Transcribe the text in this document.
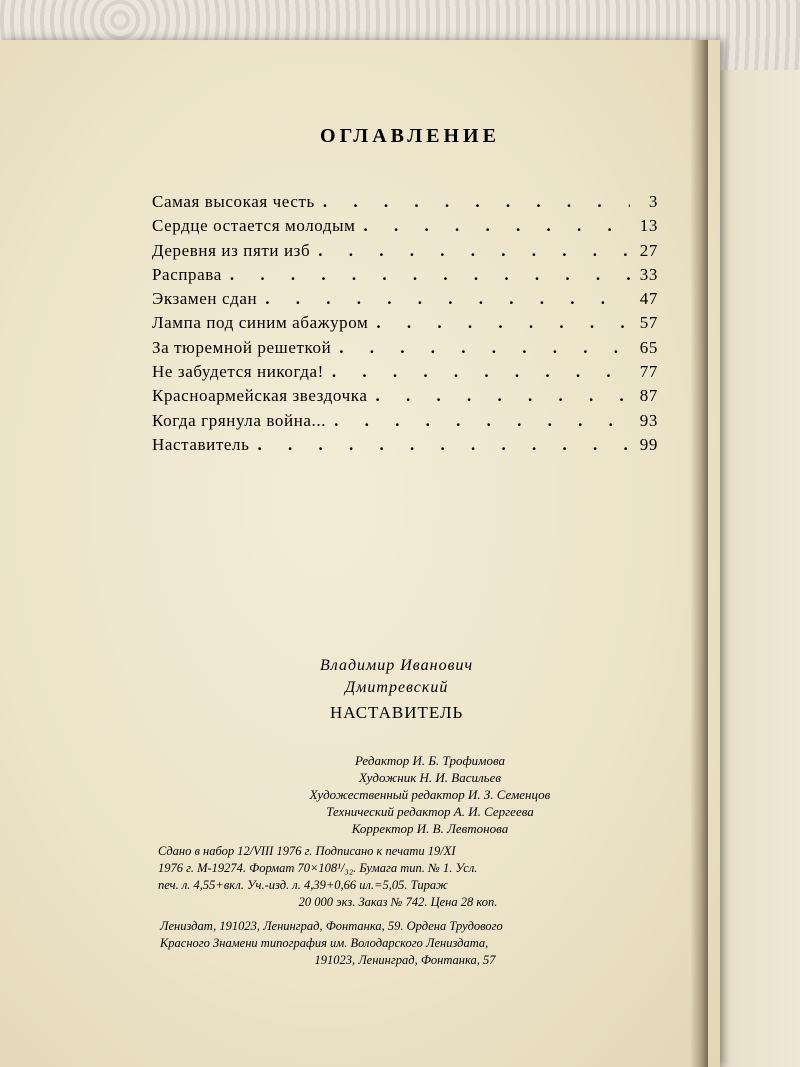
ОГЛАВЛЕНИЕ
Самая высокая честь . . .	3
Сердце остается молодым . . .	13
Деревня из пяти изб . . .	27
Расправа . . .	33
Экзамен сдан . . .	47
Лампа под синим абажуром . . .	57
За тюремной решеткой . . .	65
Не забудется никогда! . . .	77
Красноармейская звездочка . . .	87
Когда грянула война... . . .	93
Наставитель . . .	99
Владимир Иванович
Дмитревский
НАСТАВИТЕЛЬ
Редактор И. Б. Трофимова
Художник Н. И. Васильев
Художественный редактор И. З. Семенцов
Технический редактор А. И. Сергеева
Корректор И. В. Левтонова
Сдано в набор 12/VIII 1976 г. Подписано к печати 19/XI
1976 г. М-19274. Формат 70×108¹/₃₂. Бумага тип. № 1. Усл.
печ. л. 4,55+вкл. Уч.-изд. л. 4,39+0,66 ил.=5,05. Тираж
20 000 экз. Заказ № 742. Цена 28 коп.
Лениздат, 191023, Ленинград, Фонтанка, 59. Ордена Трудового
Красного Знамени типография им. Володарского Лениздата,
191023, Ленинград, Фонтанка, 57
